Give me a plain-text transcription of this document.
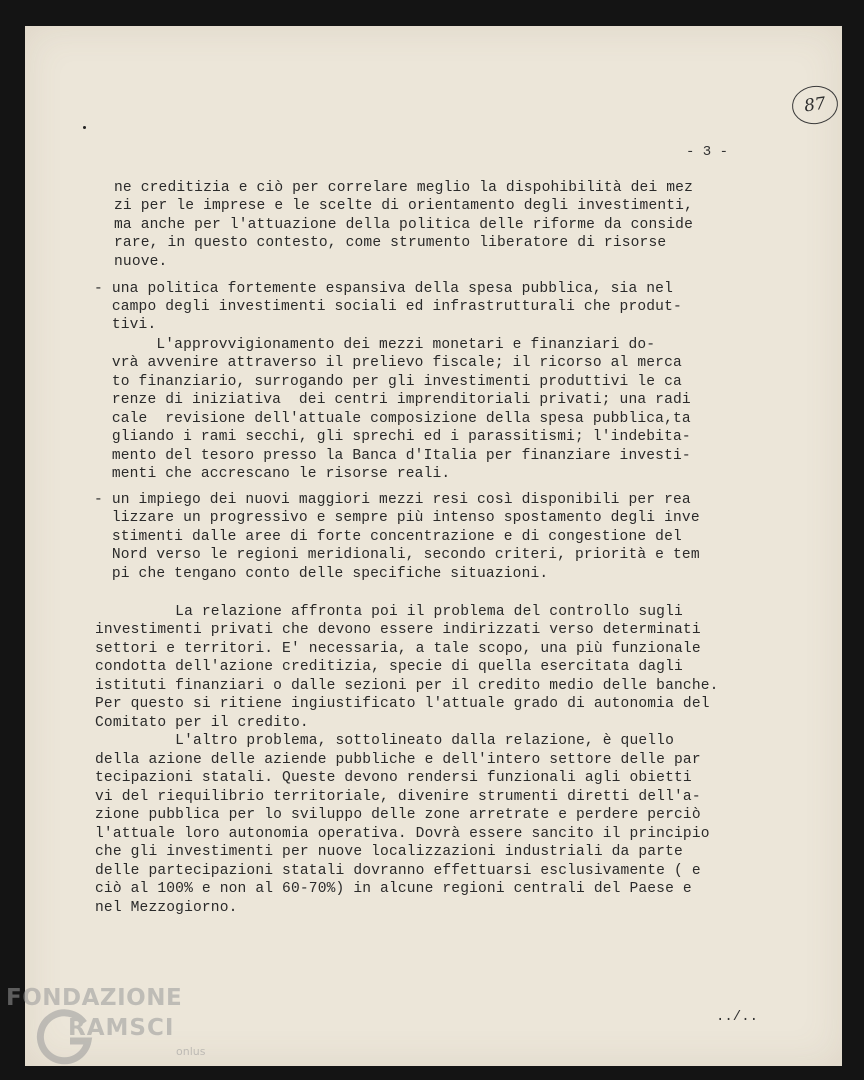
87
- 3 -
ne creditizia e ciò per correlare meglio la dispohibilità dei mez
zi per le imprese e le scelte di orientamento degli investimenti,
ma anche per l'attuazione della politica delle riforme da conside
rare, in questo contesto, come strumento liberatore di risorse
nuove.
- una politica fortemente espansiva della spesa pubblica, sia nel
campo degli investimenti sociali ed infrastrutturali che produt-
tivi.
L'approvvigionamento dei mezzi monetari e finanziari do-
vrà avvenire attraverso il prelievo fiscale; il ricorso al merca
to finanziario, surrogando per gli investimenti produttivi le ca
renze di iniziativa  dei centri imprenditoriali privati; una radi
cale  revisione dell'attuale composizione della spesa pubblica,ta
gliando i rami secchi, gli sprechi ed i parassitismi; l'indebita-
mento del tesoro presso la Banca d'Italia per finanziare investi-
menti che accrescano le risorse reali.
- un impiego dei nuovi maggiori mezzi resi così disponibili per rea
lizzare un progressivo e sempre più intenso spostamento degli inve
stimenti dalle aree di forte concentrazione e di congestione del
Nord verso le regioni meridionali, secondo criteri, priorità e tem
pi che tengano conto delle specifiche situazioni.
La relazione affronta poi il problema del controllo sugli
investimenti privati che devono essere indirizzati verso determinati
settori e territori. E' necessaria, a tale scopo, una più funzionale
condotta dell'azione creditizia, specie di quella esercitata dagli
istituti finanziari o dalle sezioni per il credito medio delle banche.
Per questo si ritiene ingiustificato l'attuale grado di autonomia del
Comitato per il credito.
L'altro problema, sottolineato dalla relazione, è quello
della azione delle aziende pubbliche e dell'intero settore delle par
tecipazioni statali. Queste devono rendersi funzionali agli obietti
vi del riequilibrio territoriale, divenire strumenti diretti dell'a-
zione pubblica per lo sviluppo delle zone arretrate e perdere perciò
l'attuale loro autonomia operativa. Dovrà essere sancito il principio
che gli investimenti per nuove localizzazioni industriali da parte
delle partecipazioni statali dovranno effettuarsi esclusivamente ( e
ciò al 100% e non al 60-70%) in alcune regioni centrali del Paese e
nel Mezzogiorno.
../..
FONDAZIONE
RAMSCI
onlus
